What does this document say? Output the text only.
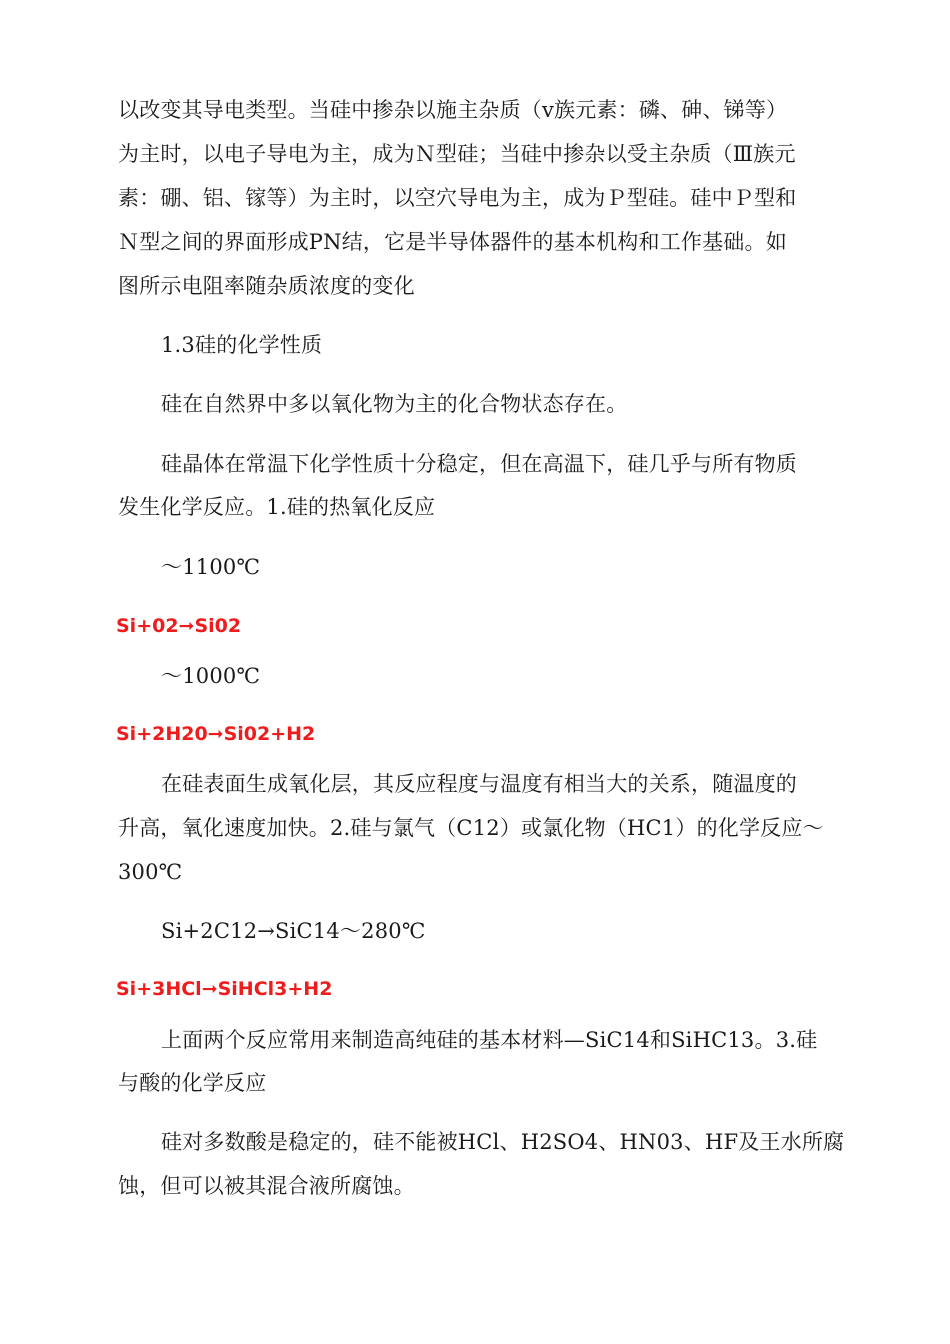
以改变其导电类型。当硅中掺杂以施主杂质（ⅴ族元素：磷、砷、锑等）
为主时，以电子导电为主，成为Ｎ型硅；当硅中掺杂以受主杂质（Ⅲ族元
素：硼、铝、镓等）为主时，以空穴导电为主，成为Ｐ型硅。硅中Ｐ型和
Ｎ型之间的界面形成PN结，它是半导体器件的基本机构和工作基础。如
图所示电阻率随杂质浓度的变化
1.3硅的化学性质
硅在自然界中多以氧化物为主的化合物状态存在。
硅晶体在常温下化学性质十分稳定，但在高温下，硅几乎与所有物质
发生化学反应。1.硅的热氧化反应
～1100℃
Si+02➞Si02
～1000℃
Si+2H20➞Si02+H2
在硅表面生成氧化层，其反应程度与温度有相当大的关系，随温度的
升高，氧化速度加快。2.硅与氯气（C12）或氯化物（HC1）的化学反应～
300℃
Si+2C12→SiC14～280℃
Si+3HCl➞SiHCl3+H2
上面两个反应常用来制造高纯硅的基本材料—SiC14和SiHC13。3.硅
与酸的化学反应
硅对多数酸是稳定的，硅不能被HCl、H2SO4、HN03、HF及王水所腐
蚀，但可以被其混合液所腐蚀。
